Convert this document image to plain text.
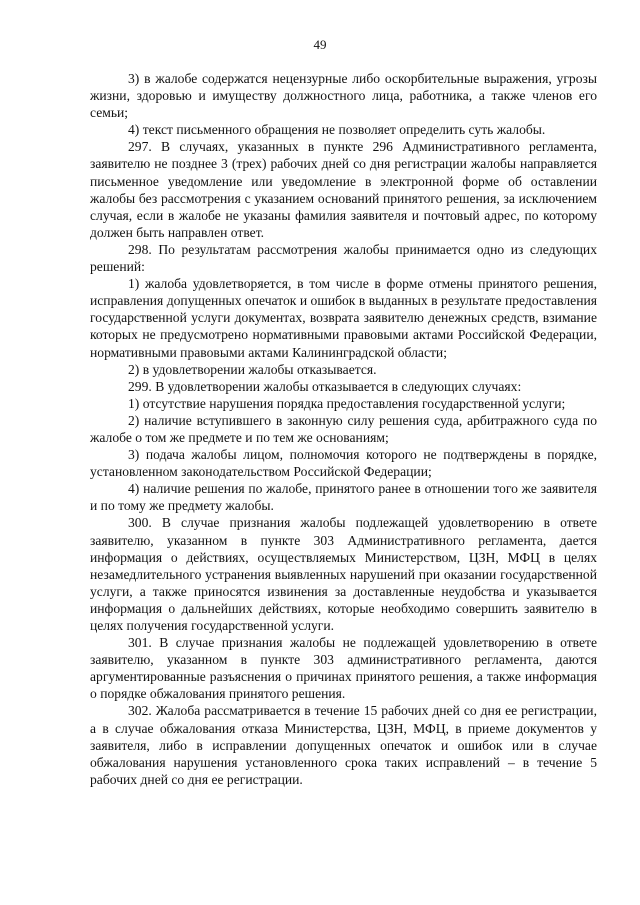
49

3) в жалобе содержатся нецензурные либо оскорбительные выражения, угрозы жизни, здоровью и имуществу должностного лица, работника, а также членов его семьи;

4) текст письменного обращения не позволяет определить суть жалобы.

297. В случаях, указанных в пункте 296 Административного регламента, заявителю не позднее 3 (трех) рабочих дней со дня регистрации жалобы направляется письменное уведомление или уведомление в электронной форме об оставлении жалобы без рассмотрения с указанием оснований принятого решения, за исключением случая, если в жалобе не указаны фамилия заявителя и почтовый адрес, по которому должен быть направлен ответ.

298. По результатам рассмотрения жалобы принимается одно из следующих решений:

1) жалоба удовлетворяется, в том числе в форме отмены принятого решения, исправления допущенных опечаток и ошибок в выданных в результате предоставления государственной услуги документах, возврата заявителю денежных средств, взимание которых не предусмотрено нормативными правовыми актами Российской Федерации, нормативными правовыми актами Калининградской области;

2) в удовлетворении жалобы отказывается.

299. В удовлетворении жалобы отказывается в следующих случаях:

1) отсутствие нарушения порядка предоставления государственной услуги;

2) наличие вступившего в законную силу решения суда, арбитражного суда по жалобе о том же предмете и по тем же основаниям;

3) подача жалобы лицом, полномочия которого не подтверждены в порядке, установленном законодательством Российской Федерации;

4) наличие решения по жалобе, принятого ранее в отношении того же заявителя и по тому же предмету жалобы.

300. В случае признания жалобы подлежащей удовлетворению в ответе заявителю, указанном в пункте 303 Административного регламента, дается информация о действиях, осуществляемых Министерством, ЦЗН, МФЦ в целях незамедлительного устранения выявленных нарушений при оказании государственной услуги, а также приносятся извинения за доставленные неудобства и указывается информация о дальнейших действиях, которые необходимо совершить заявителю в целях получения государственной услуги.

301. В случае признания жалобы не подлежащей удовлетворению в ответе заявителю, указанном в пункте 303 административного регламента, даются аргументированные разъяснения о причинах принятого решения, а также информация о порядке обжалования принятого решения.

302. Жалоба рассматривается в течение 15 рабочих дней со дня ее регистрации, а в случае обжалования отказа Министерства, ЦЗН, МФЦ, в приеме документов у заявителя, либо в исправлении допущенных опечаток и ошибок или в случае обжалования нарушения установленного срока таких исправлений – в течение 5 рабочих дней со дня ее регистрации.
